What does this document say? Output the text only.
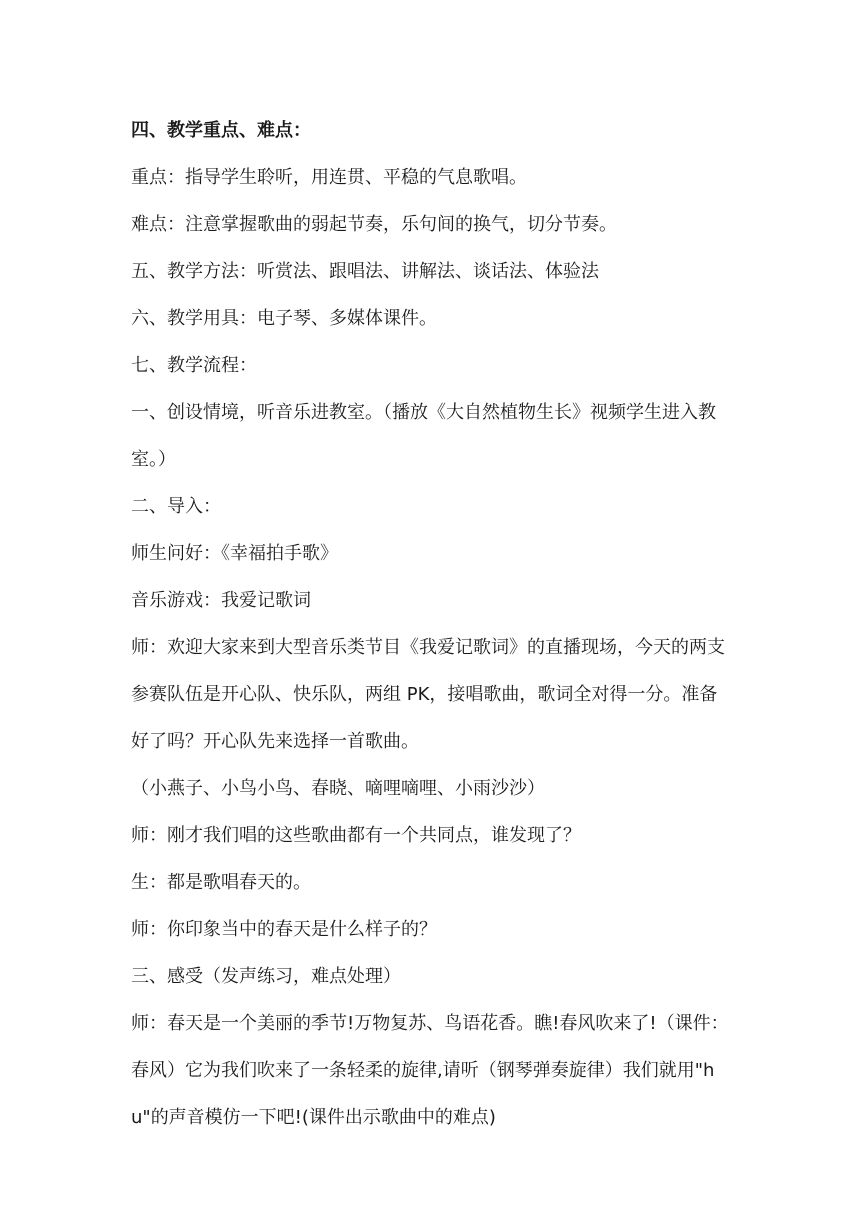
四、教学重点、难点：

重点：指导学生聆听，用连贯、平稳的气息歌唱。

难点：注意掌握歌曲的弱起节奏，乐句间的换气，切分节奏。

五、教学方法：听赏法、跟唱法、讲解法、谈话法、体验法

六、教学用具：电子琴、多媒体课件。

七、教学流程：

一、创设情境，听音乐进教室。（播放《大自然植物生长》视频学生进入教室。）

二、导入：

师生问好：《幸福拍手歌》

音乐游戏：我爱记歌词

师：欢迎大家来到大型音乐类节目《我爱记歌词》的直播现场，今天的两支参赛队伍是开心队、快乐队，两组 PK，接唱歌曲，歌词全对得一分。准备好了吗？开心队先来选择一首歌曲。

（小燕子、小鸟小鸟、春晓、嘀哩嘀哩、小雨沙沙）

师：刚才我们唱的这些歌曲都有一个共同点，谁发现了？

生：都是歌唱春天的。

师：你印象当中的春天是什么样子的？

三、感受（发声练习，难点处理）

师：春天是一个美丽的季节!万物复苏、鸟语花香。瞧!春风吹来了!（课件：春风）它为我们吹来了一条轻柔的旋律,请听（钢琴弹奏旋律）我们就用"hu"的声音模仿一下吧!(课件出示歌曲中的难点)
